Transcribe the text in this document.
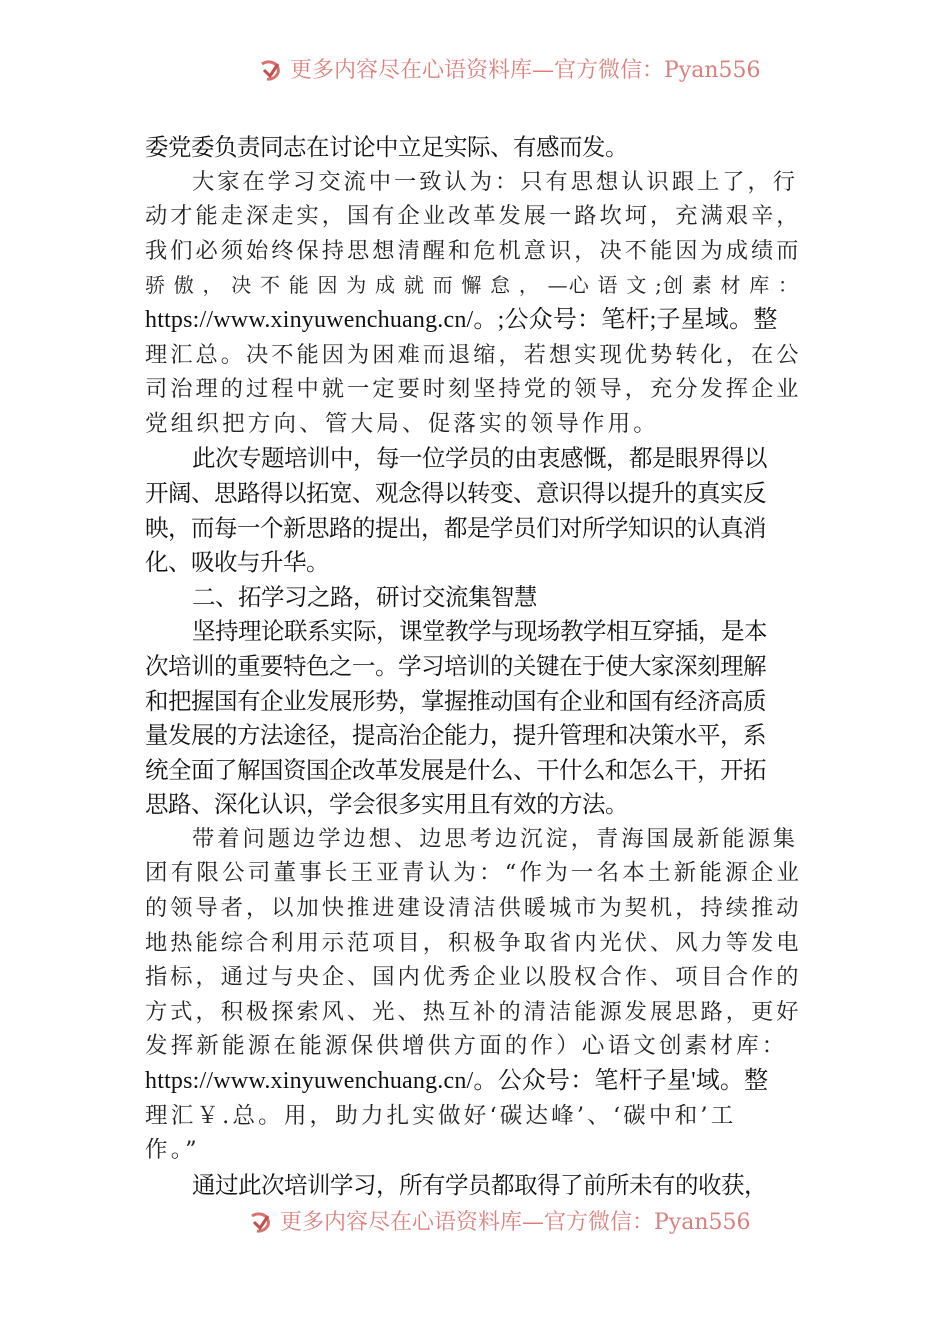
更多内容尽在心语资料库—官方微信：Pyan556
委党委负责同志在讨论中立足实际、有感而发。
大家在学习交流中一致认为：只有思想认识跟上了，行
动才能走深走实，国有企业改革发展一路坎坷，充满艰辛，
我们必须始终保持思想清醒和危机意识，决不能因为成绩而
骄 傲 ， 决 不 能 因 为 成 就 而 懈 怠 ， —心 语 文 ;创 素 材 库 ：
https://www.xinyuwenchuang.cn/。;公众号：笔杆;子星域。整
理汇总。决不能因为困难而退缩，若想实现优势转化，在公
司治理的过程中就一定要时刻坚持党的领导，充分发挥企业
党组织把方向、管大局、促落实的领导作用。
此次专题培训中，每一位学员的由衷感慨，都是眼界得以
开阔、思路得以拓宽、观念得以转变、意识得以提升的真实反
映，而每一个新思路的提出，都是学员们对所学知识的认真消
化、吸收与升华。
二、拓学习之路，研讨交流集智慧
坚持理论联系实际，课堂教学与现场教学相互穿插，是本
次培训的重要特色之一。学习培训的关键在于使大家深刻理解
和把握国有企业发展形势，掌握推动国有企业和国有经济高质
量发展的方法途径，提高治企能力，提升管理和决策水平，系
统全面了解国资国企改革发展是什么、干什么和怎么干，开拓
思路、深化认识，学会很多实用且有效的方法。
带着问题边学边想、边思考边沉淀，青海国晟新能源集
团有限公司董事长王亚青认为：“作为一名本土新能源企业
的领导者，以加快推进建设清洁供暖城市为契机，持续推动
地热能综合利用示范项目，积极争取省内光伏、风力等发电
指标，通过与央企、国内优秀企业以股权合作、项目合作的
方式，积极探索风、光、热互补的清洁能源发展思路，更好
发挥新能源在能源保供增供方面的作）心语文创素材库：
https://www.xinyuwenchuang.cn/。公众号：笔杆子星'域。整
理汇￥.总。用，助力扎实做好‘碳达峰’、‘碳中和’工
作。”
通过此次培训学习，所有学员都取得了前所未有的收获，
更多内容尽在心语资料库—官方微信：Pyan556
